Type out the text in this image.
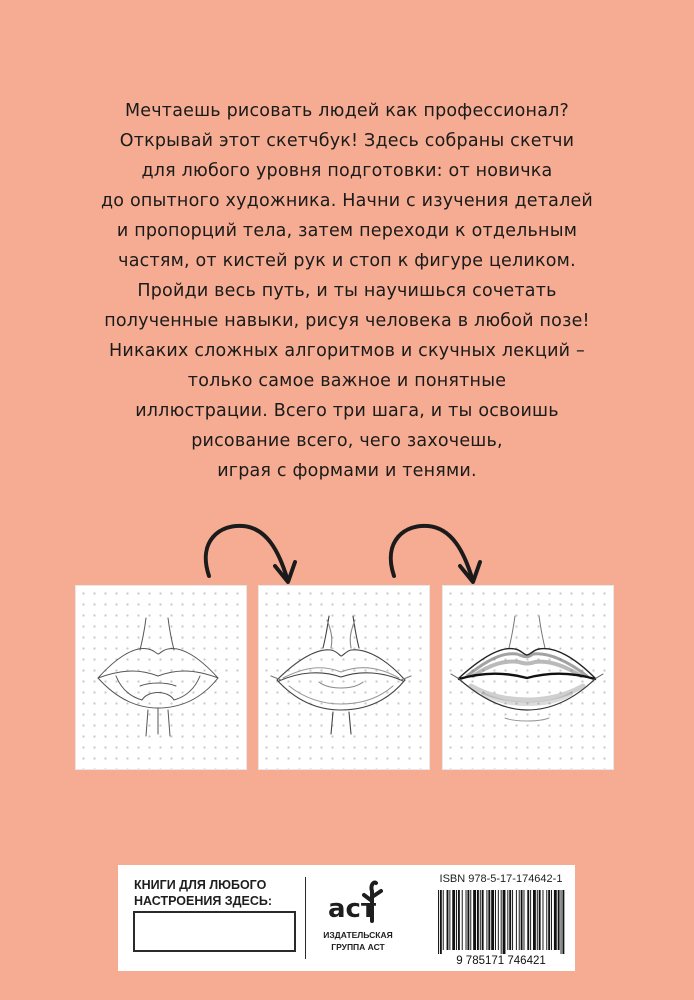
Мечтаешь рисовать людей как профессионал?
Открывай этот скетчбук! Здесь собраны скетчи
для любого уровня подготовки: от новичка
до опытного художника. Начни с изучения деталей
и пропорций тела, затем переходи к отдельным
частям, от кистей рук и стоп к фигуре целиком.
Пройди весь путь, и ты научишься сочетать
полученные навыки, рисуя человека в любой позе!
Никаких сложных алгоритмов и скучных лекций –
только самое важное и понятные
иллюстрации. Всего три шага, и ты освоишь
рисование всего, чего захочешь,
играя с формами и тенями.
КНИГИ ДЛЯ ЛЮБОГО
НАСТРОЕНИЯ ЗДЕСЬ: аст
ИЗДАТЕЛЬСКАЯ
ГРУППА АСТ
ISBN 978-5-17-174642-1
9 785171 746421
